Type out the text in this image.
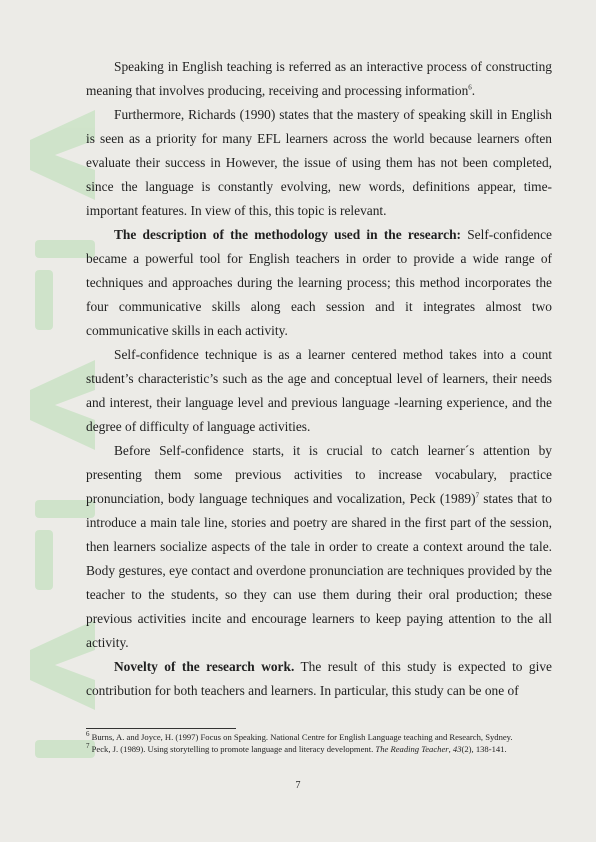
Speaking in English teaching is referred as an interactive process of constructing meaning that involves producing, receiving and processing information$^6$.

Furthermore, Richards (1990) states that the mastery of speaking skill in English is seen as a priority for many EFL learners across the world because learners often evaluate their success in However, the issue of using them has not been completed, since the language is constantly evolving, new words, definitions appear, time-important features. In view of this, this topic is relevant.

The description of the methodology used in the research: Self-confidence became a powerful tool for English teachers in order to provide a wide range of techniques and approaches during the learning process; this method incorporates the four communicative skills along each session and it integrates almost two communicative skills in each activity.

Self-confidence technique is as a learner centered method takes into a count student’s characteristic’s such as the age and conceptual level of learners, their needs and interest, their language level and previous language -learning experience, and the degree of difficulty of language activities.

Before Self-confidence starts, it is crucial to catch learner´s attention by presenting them some previous activities to increase vocabulary, practice pronunciation, body language techniques and vocalization, Peck $(1989)^7$ states that to introduce a main tale line, stories and poetry are shared in the first part of the session, then learners socialize aspects of the tale in order to create a context around the tale. Body gestures, eye contact and overdone pronunciation are techniques provided by the teacher to the students, so they can use them during their oral production; these previous activities incite and encourage learners to keep paying attention to the all activity.

Novelty of the research work. The result of this study is expected to give contribution for both teachers and learners. In particular, this study can be one of

$^6$ Burns, A. and Joyce, H. (1997) Focus on Speaking. National Centre for English Language teaching and Research, Sydney.

$^7$ Peck, J. (1989). Using storytelling to promote language and literacy development. The Reading Teacher, 43(2), 138-141.

7
